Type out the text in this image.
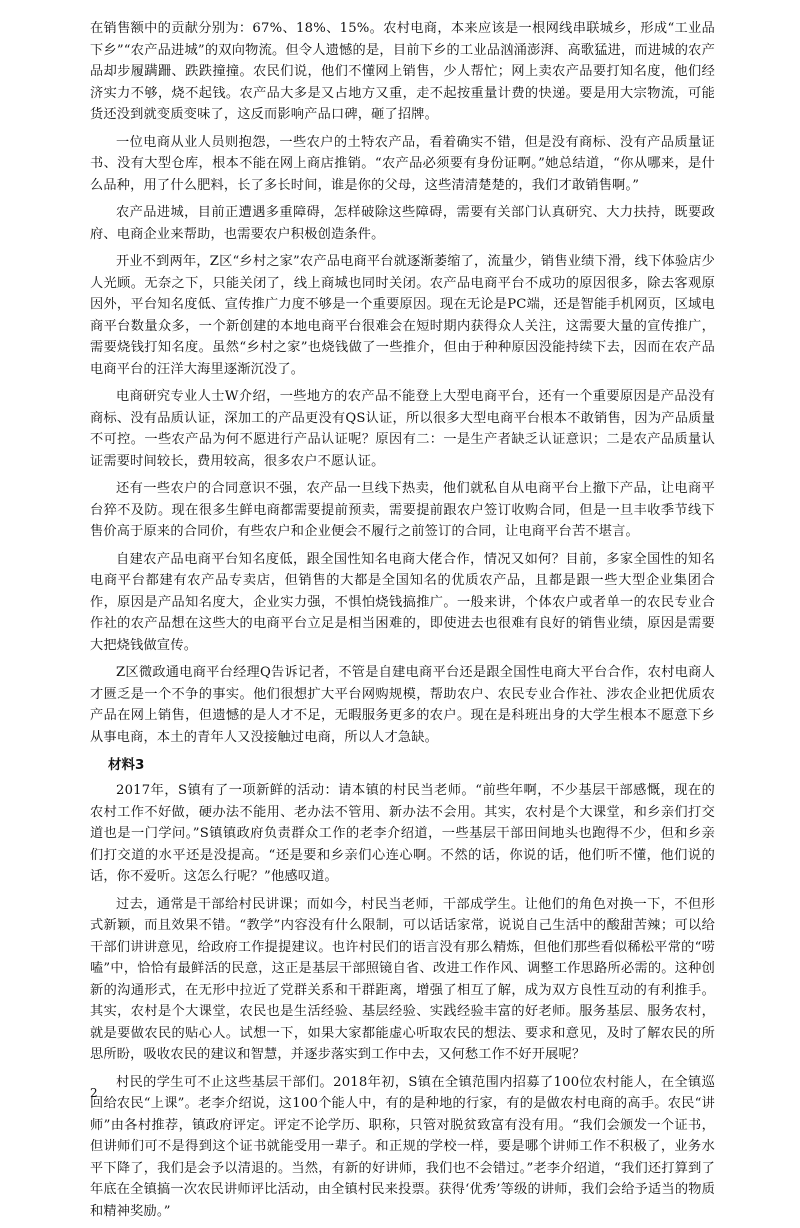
在销售额中的贡献分别为：67%、18%、15%。农村电商，本来应该是一根网线串联城乡，形成“工业品下乡”“农产品进城”的双向物流。但令人遗憾的是，目前下乡的工业品汹涌澎湃、高歌猛进，而进城的农产品却步履蹒跚、跌跌撞撞。农民们说，他们不懂网上销售，少人帮忙；网上卖农产品要打知名度，他们经济实力不够，烧不起钱。农产品大多是又占地方又重，走不起按重量计费的快递。要是用大宗物流，可能货还没到就变质变味了，这反而影响产品口碑，砸了招牌。

一位电商从业人员则抱怨，一些农户的土特农产品，看着确实不错，但是没有商标、没有产品质量证书、没有大型仓库，根本不能在网上商店推销。“农产品必须要有身份证啊。”她总结道，“你从哪来，是什么品种，用了什么肥料，长了多长时间，谁是你的父母，这些清清楚楚的，我们才敢销售啊。”

农产品进城，目前正遭遇多重障碍，怎样破除这些障碍，需要有关部门认真研究、大力扶持，既要政府、电商企业来帮助，也需要农户积极创造条件。

开业不到两年，Z区“乡村之家”农产品电商平台就逐渐萎缩了，流量少，销售业绩下滑，线下体验店少人光顾。无奈之下，只能关闭了，线上商城也同时关闭。农产品电商平台不成功的原因很多，除去客观原因外，平台知名度低、宣传推广力度不够是一个重要原因。现在无论是PC端，还是智能手机网页，区域电商平台数量众多，一个新创建的本地电商平台很难会在短时期内获得众人关注，这需要大量的宣传推广，需要烧钱打知名度。虽然“乡村之家”也烧钱做了一些推介，但由于种种原因没能持续下去，因而在农产品电商平台的汪洋大海里逐渐沉没了。

电商研究专业人士W介绍，一些地方的农产品不能登上大型电商平台，还有一个重要原因是产品没有商标、没有品质认证，深加工的产品更没有QS认证，所以很多大型电商平台根本不敢销售，因为产品质量不可控。一些农产品为何不愿进行产品认证呢？原因有二：一是生产者缺乏认证意识；二是农产品质量认证需要时间较长，费用较高，很多农户不愿认证。

还有一些农户的合同意识不强，农产品一旦线下热卖，他们就私自从电商平台上撤下产品，让电商平台猝不及防。现在很多生鲜电商都需要提前预卖，需要提前跟农户签订收购合同，但是一旦丰收季节线下售价高于原来的合同价，有些农户和企业便会不履行之前签订的合同，让电商平台苦不堪言。

自建农产品电商平台知名度低，跟全国性知名电商大佬合作，情况又如何？目前，多家全国性的知名电商平台都建有农产品专卖店，但销售的大都是全国知名的优质农产品，且都是跟一些大型企业集团合作，原因是产品知名度大，企业实力强，不惧怕烧钱搞推广。一般来讲，个体农户或者单一的农民专业合作社的农产品想在这些大的电商平台立足是相当困难的，即使进去也很难有良好的销售业绩，原因是需要大把烧钱做宣传。

Z区微政通电商平台经理Q告诉记者，不管是自建电商平台还是跟全国性电商大平台合作，农村电商人才匮乏是一个不争的事实。他们很想扩大平台网购规模，帮助农户、农民专业合作社、涉农企业把优质农产品在网上销售，但遗憾的是人才不足，无暇服务更多的农户。现在是科班出身的大学生根本不愿意下乡从事电商，本土的青年人又没接触过电商，所以人才急缺。

材料3

2017年，S镇有了一项新鲜的活动：请本镇的村民当老师。“前些年啊，不少基层干部感慨，现在的农村工作不好做，硬办法不能用、老办法不管用、新办法不会用。其实，农村是个大课堂，和乡亲们打交道也是一门学问。”S镇镇政府负责群众工作的老李介绍道，一些基层干部田间地头也跑得不少，但和乡亲们打交道的水平还是没提高。“还是要和乡亲们心连心啊。不然的话，你说的话，他们听不懂，他们说的话，你不爱听。这怎么行呢？”他感叹道。

过去，通常是干部给村民讲课；而如今，村民当老师，干部成学生。让他们的角色对换一下，不但形式新颖，而且效果不错。“教学”内容没有什么限制，可以话话家常，说说自己生活中的酸甜苦辣；可以给干部们讲讲意见，给政府工作提提建议。也许村民们的语言没有那么精炼，但他们那些看似稀松平常的“唠嗑”中，恰恰有最鲜活的民意，这正是基层干部照镜自省、改进工作作风、调整工作思路所必需的。这种创新的沟通形式，在无形中拉近了党群关系和干群距离，增强了相互了解，成为双方良性互动的有利推手。其实，农村是个大课堂，农民也是生活经验、基层经验、实践经验丰富的好老师。服务基层、服务农村，就是要做农民的贴心人。试想一下，如果大家都能虚心听取农民的想法、要求和意见，及时了解农民的所思所盼，吸收农民的建议和智慧，并逐步落实到工作中去，又何愁工作不好开展呢？

村民的学生可不止这些基层干部们。2018年初，S镇在全镇范围内招募了100位农村能人，在全镇巡回给农民“上课”。老李介绍说，这100个能人中，有的是种地的行家，有的是做农村电商的高手。农民“讲师”由各村推荐，镇政府评定。评定不论学历、职称，只管对脱贫致富有没有用。“我们会颁发一个证书，但讲师们可不是得到这个证书就能受用一辈子。和正规的学校一样，要是哪个讲师工作不积极了，业务水平下降了，我们是会予以清退的。当然，有新的好讲师，我们也不会错过。”老李介绍道，“我们还打算到了年底在全镇搞一次农民讲师评比活动，由全镇村民来投票。获得‘优秀’等级的讲师，我们会给予适当的物质和精神奖励。”

2
